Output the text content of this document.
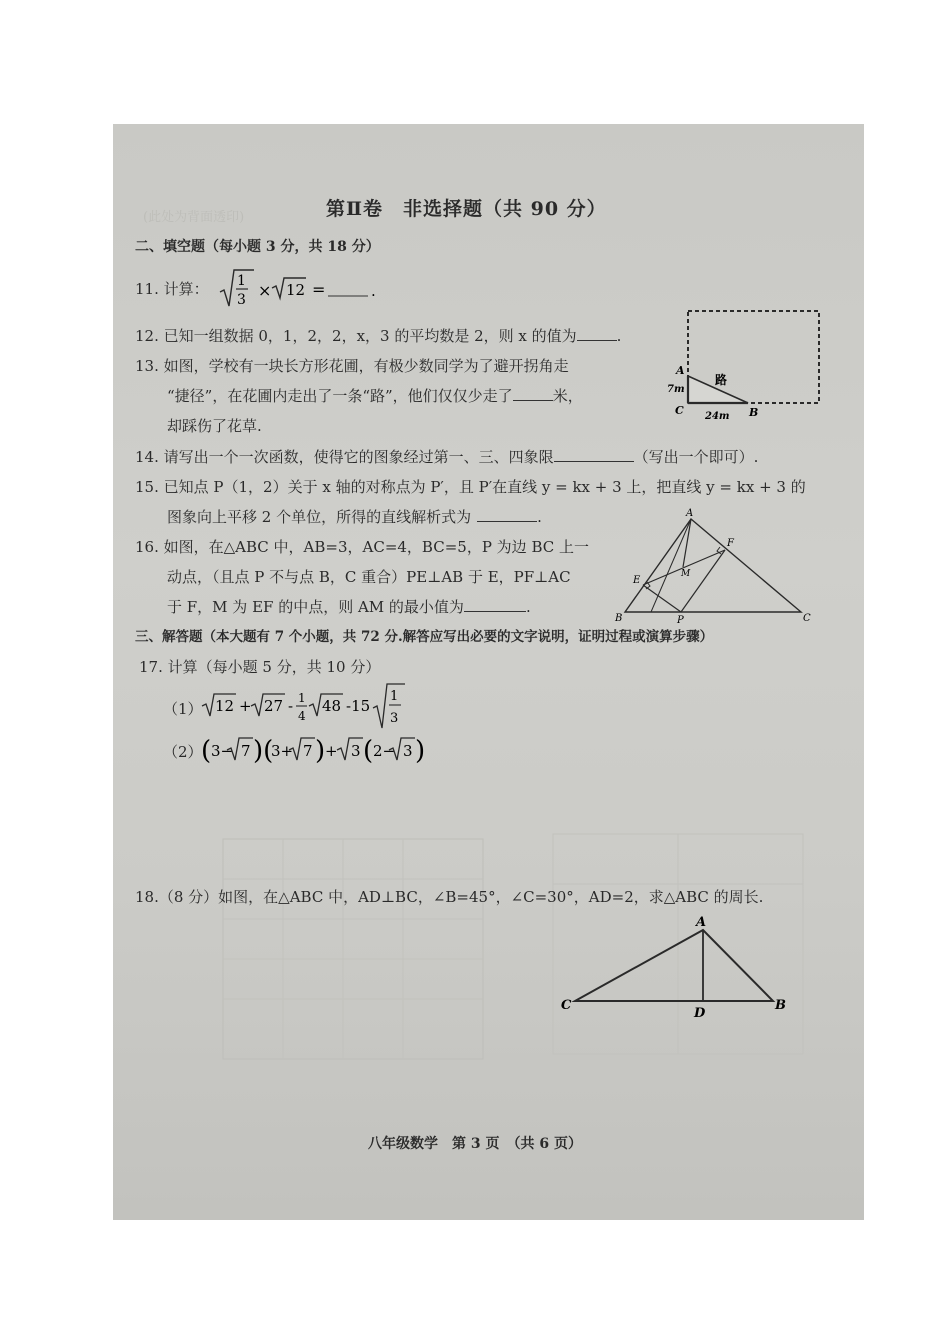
(此处为背面透印)	第Ⅱ卷　非选择题（共 90 分）
二、填空题（每小题 3 分，共 18 分）
11. 计算： 1
3 × 12 =	.
12. 已知一组数据 0，1，2，2，x，3 的平均数是 2，则 x 的值为	.
13. 如图，学校有一块长方形花圃，有极少数同学为了避开拐角走
“捷径”，在花圃内走出了一条“路”，他们仅仅少走了	米，
却踩伤了花草.
A
7m
C	B
24m
路
14. 请写出一个一次函数，使得它的图象经过第一、三、四象限	（写出一个即可）.
15. 已知点 P（1，2）关于 x 轴的对称点为 P′，且 P′在直线 y = kx + 3 上，把直线 y = kx + 3 的
图象向上平移 2 个单位，所得的直线解析式为	.
16. 如图，在△ABC 中，AB=3，AC=4，BC=5，P 为边 BC 上一
动点，（且点 P 不与点 B，C 重合）PE⊥AB 于 E，PF⊥AC
于 F，M 为 EF 的中点，则 AM 的最小值为	.
A
B	C
E
F
M
P
三、解答题（本大题有 7 个小题，共 72 分.解答应写出必要的文字说明，证明过程或演算步骤）
17. 计算（每小题 5 分，共 10 分）
（1） 12 + 27 - 1
4
48 -15
1
3
（2）
( 3− 7 )(
3+ 7 ) + 3 ( 2− 3 )
18.（8 分）如图，在△ABC 中，AD⊥BC，∠B=45°，∠C=30°，AD=2，求△ABC 的周长.
A
C	B
D
八年级数学　第 3 页　（共 6 页）
